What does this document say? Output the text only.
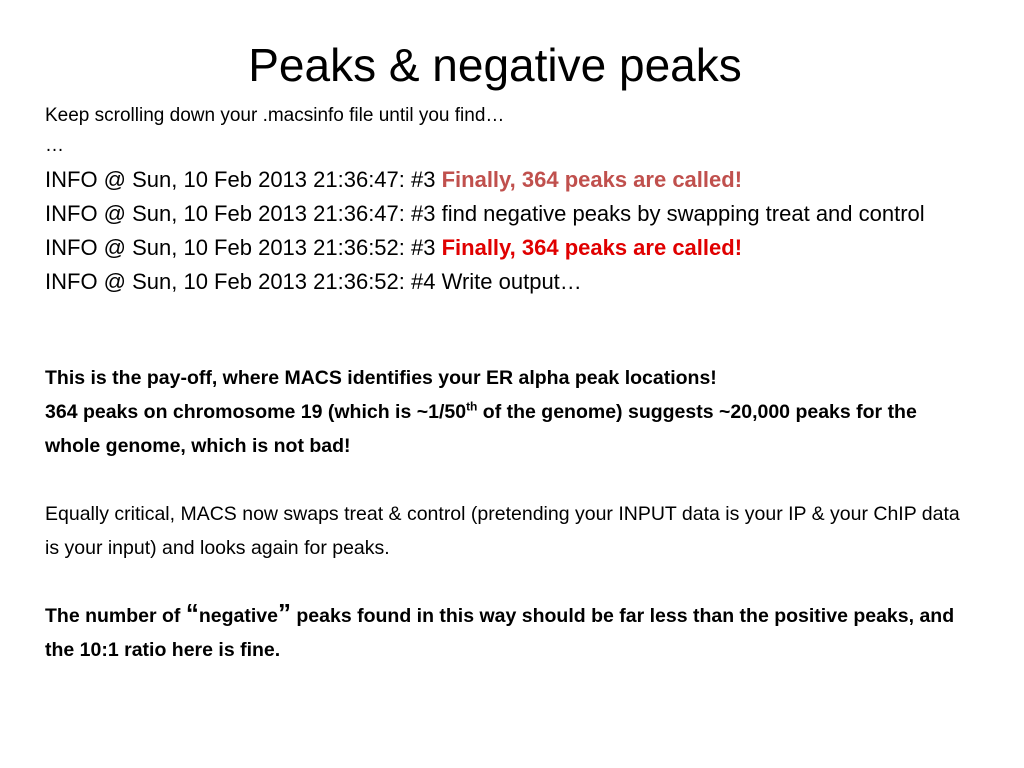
Peaks & negative peaks
Keep scrolling down your .macsinfo file until you find…
…
INFO @ Sun, 10 Feb 2013 21:36:47: #3 Finally, 364 peaks are called!
INFO @ Sun, 10 Feb 2013 21:36:47: #3 find negative peaks by swapping treat and control
INFO @ Sun, 10 Feb 2013 21:36:52: #3 Finally, 364 peaks are called!
INFO @ Sun, 10 Feb 2013 21:36:52: #4 Write output…
This is the pay-off, where MACS identifies your ER alpha peak locations!
364 peaks on chromosome 19 (which is ~1/50th of the genome) suggests ~20,000 peaks for the whole genome, which is not bad!
Equally critical, MACS now swaps treat & control (pretending your INPUT data is your IP & your ChIP data is your input) and looks again for peaks.
The number of “negative” peaks found in this way should be far less than the positive peaks, and the 10:1 ratio here is fine.
